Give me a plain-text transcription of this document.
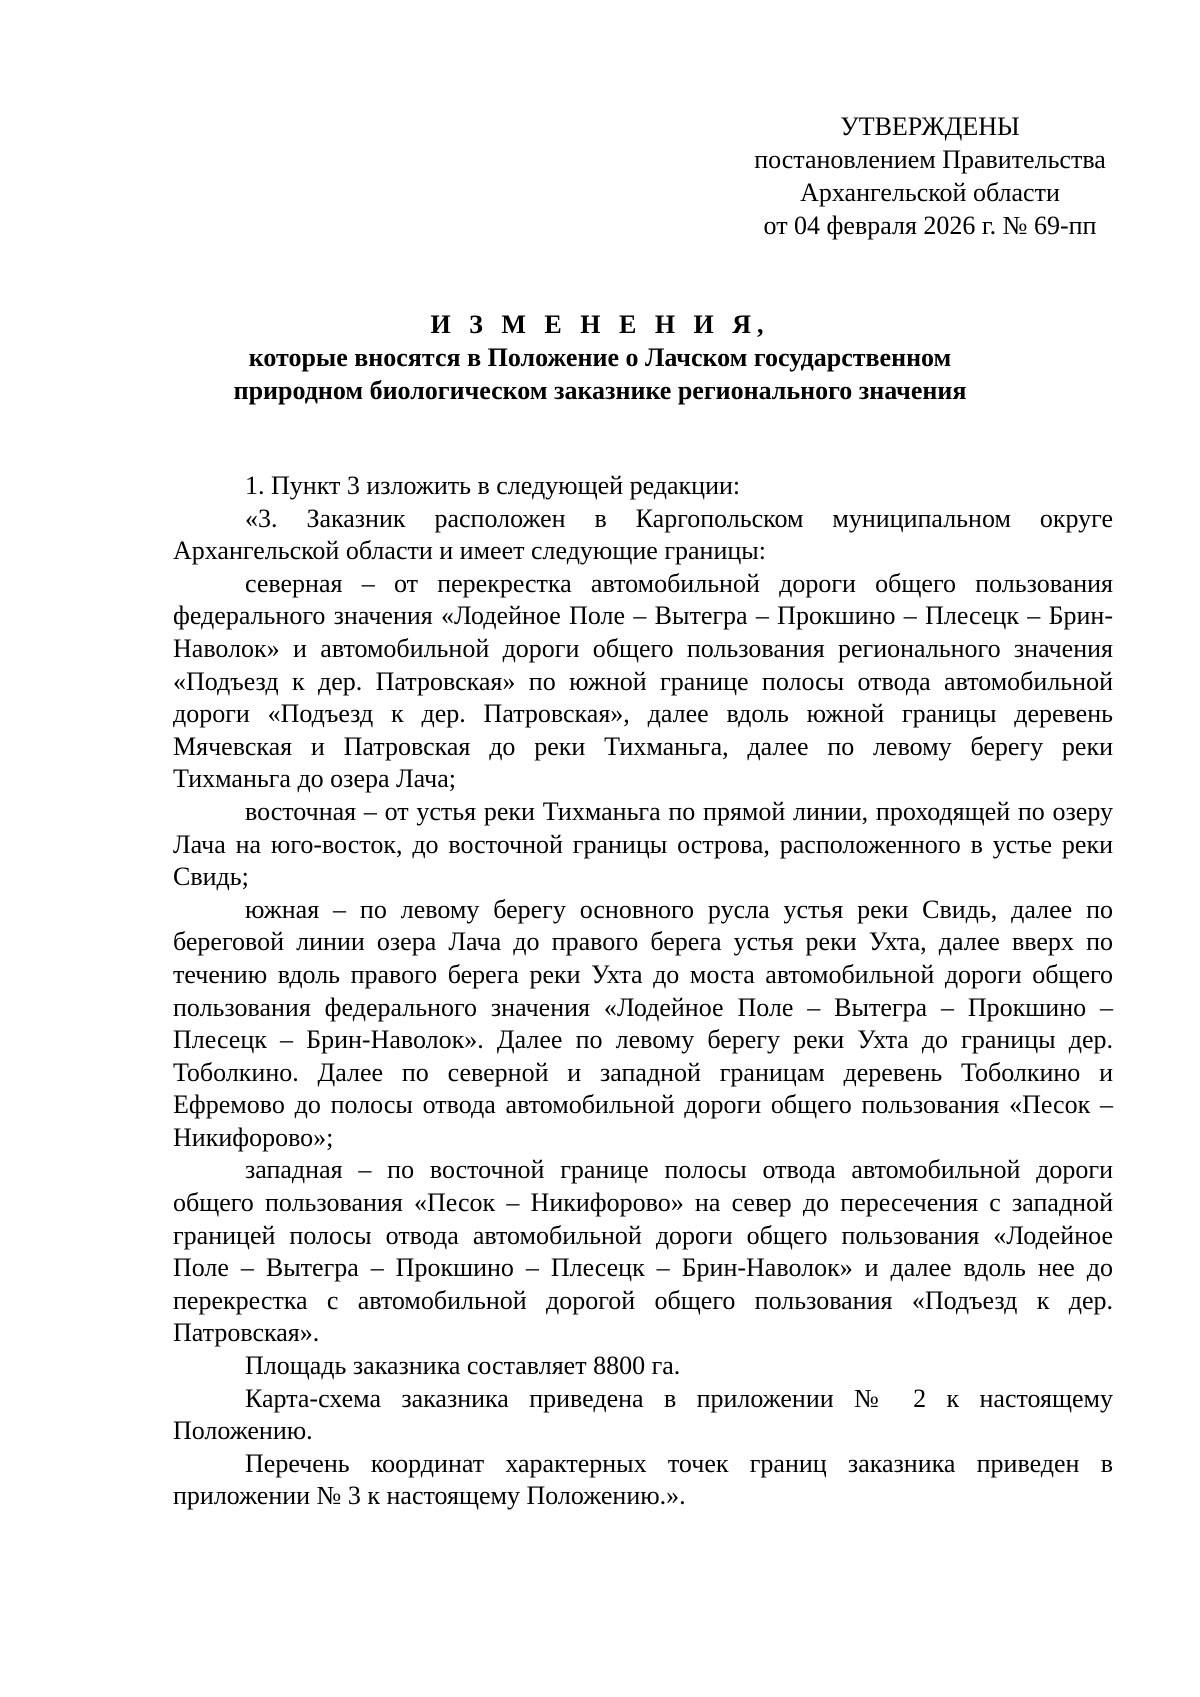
УТВЕРЖДЕНЫ
постановлением Правительства
Архангельской области
от 04 февраля 2026 г. № 69-пп
И З М Е Н Е Н И Я,
которые вносятся в Положение о Лачском государственном
природном биологическом заказнике регионального значения

1. Пункт 3 изложить в следующей редакции:

«3. Заказник расположен в Каргопольском муниципальном округе Архангельской области и имеет следующие границы:

северная – от перекрестка автомобильной дороги общего пользования федерального значения «Лодейное Поле – Вытегра – Прокшино – Плесецк – Брин-Наволок» и автомобильной дороги общего пользования регионального значения «Подъезд к дер. Патровская» по южной границе полосы отвода автомобильной дороги «Подъезд к дер. Патровская», далее вдоль южной границы деревень Мячевская и Патровская до реки Тихманьга, далее по левому берегу реки Тихманьга до озера Лача;

восточная – от устья реки Тихманьга по прямой линии, проходящей по озеру Лача на юго-восток, до восточной границы острова, расположенного в устье реки Свидь;

южная – по левому берегу основного русла устья реки Свидь, далее по береговой линии озера Лача до правого берега устья реки Ухта, далее вверх по течению вдоль правого берега реки Ухта до моста автомобильной дороги общего пользования федерального значения «Лодейное Поле – Вытегра – Прокшино – Плесецк – Брин-Наволок». Далее по левому берегу реки Ухта до границы дер. Тоболкино. Далее по северной и западной границам деревень Тоболкино и Ефремово до полосы отвода автомобильной дороги общего пользования «Песок – Никифорово»;

западная – по восточной границе полосы отвода автомобильной дороги общего пользования «Песок – Никифорово» на север до пересечения с западной границей полосы отвода автомобильной дороги общего пользования «Лодейное Поле – Вытегра – Прокшино – Плесецк – Брин-Наволок» и далее вдоль нее до перекрестка с автомобильной дорогой общего пользования «Подъезд к дер. Патровская».

Площадь заказника составляет 8800 га.

Карта-схема заказника приведена в приложении № 2 к настоящему Положению.

Перечень координат характерных точек границ заказника приведен в приложении № 3 к настоящему Положению.».
